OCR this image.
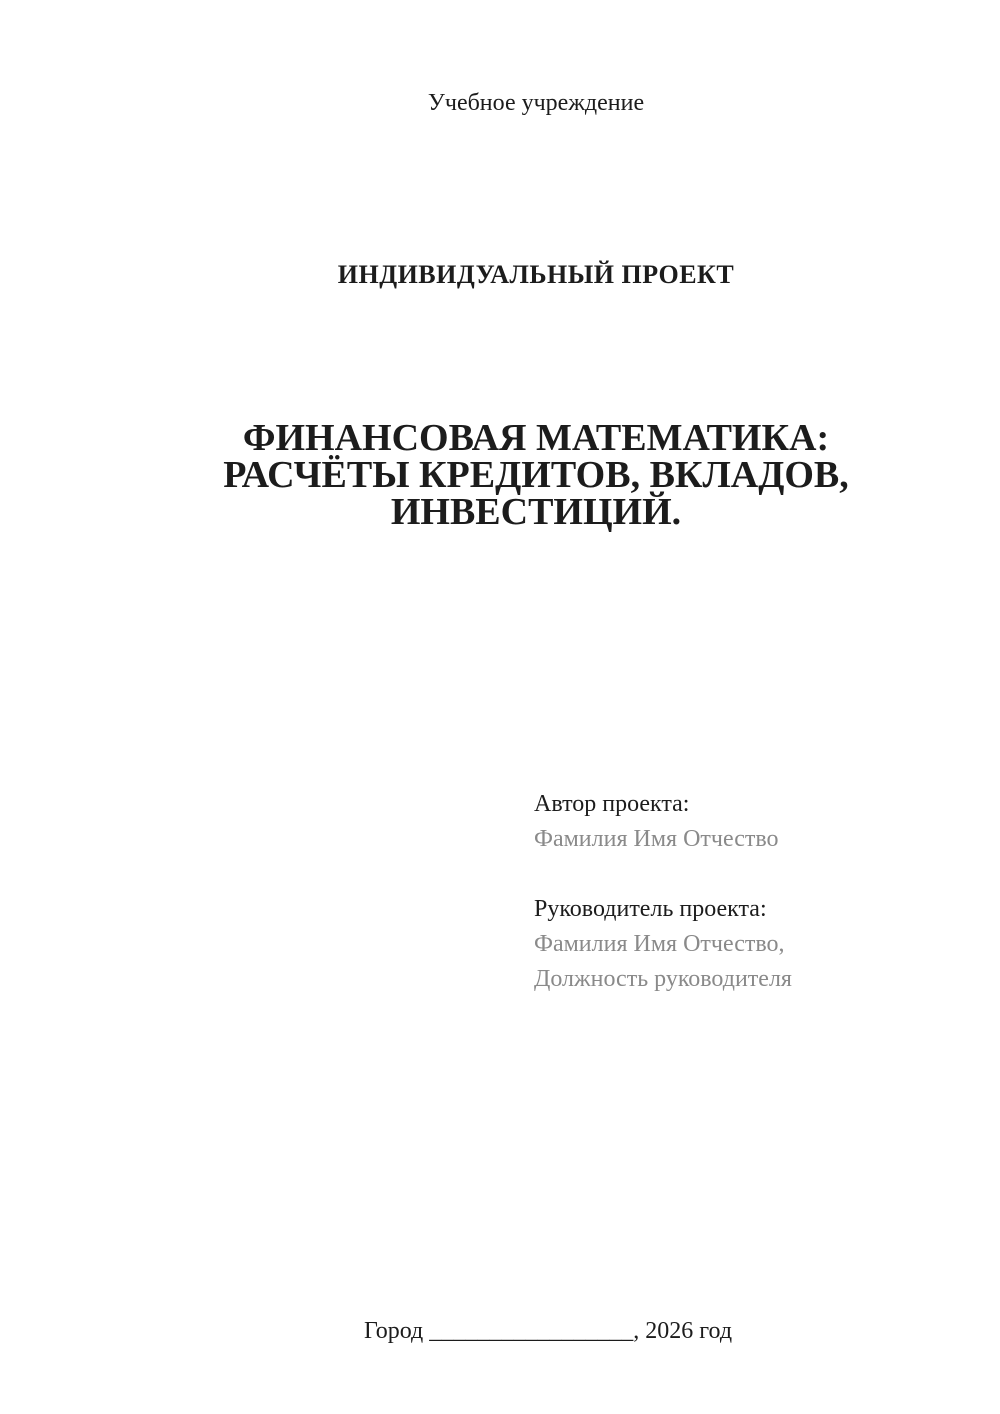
Учебное учреждение
ИНДИВИДУАЛЬНЫЙ ПРОЕКТ
ФИНАНСОВАЯ МАТЕМАТИКА:
РАСЧЁТЫ КРЕДИТОВ, ВКЛАДОВ,
ИНВЕСТИЦИЙ.
Автор проекта:
Фамилия Имя Отчество
Руководитель проекта:
Фамилия Имя Отчество,
Должность руководителя

Город _________________, 2026 год
